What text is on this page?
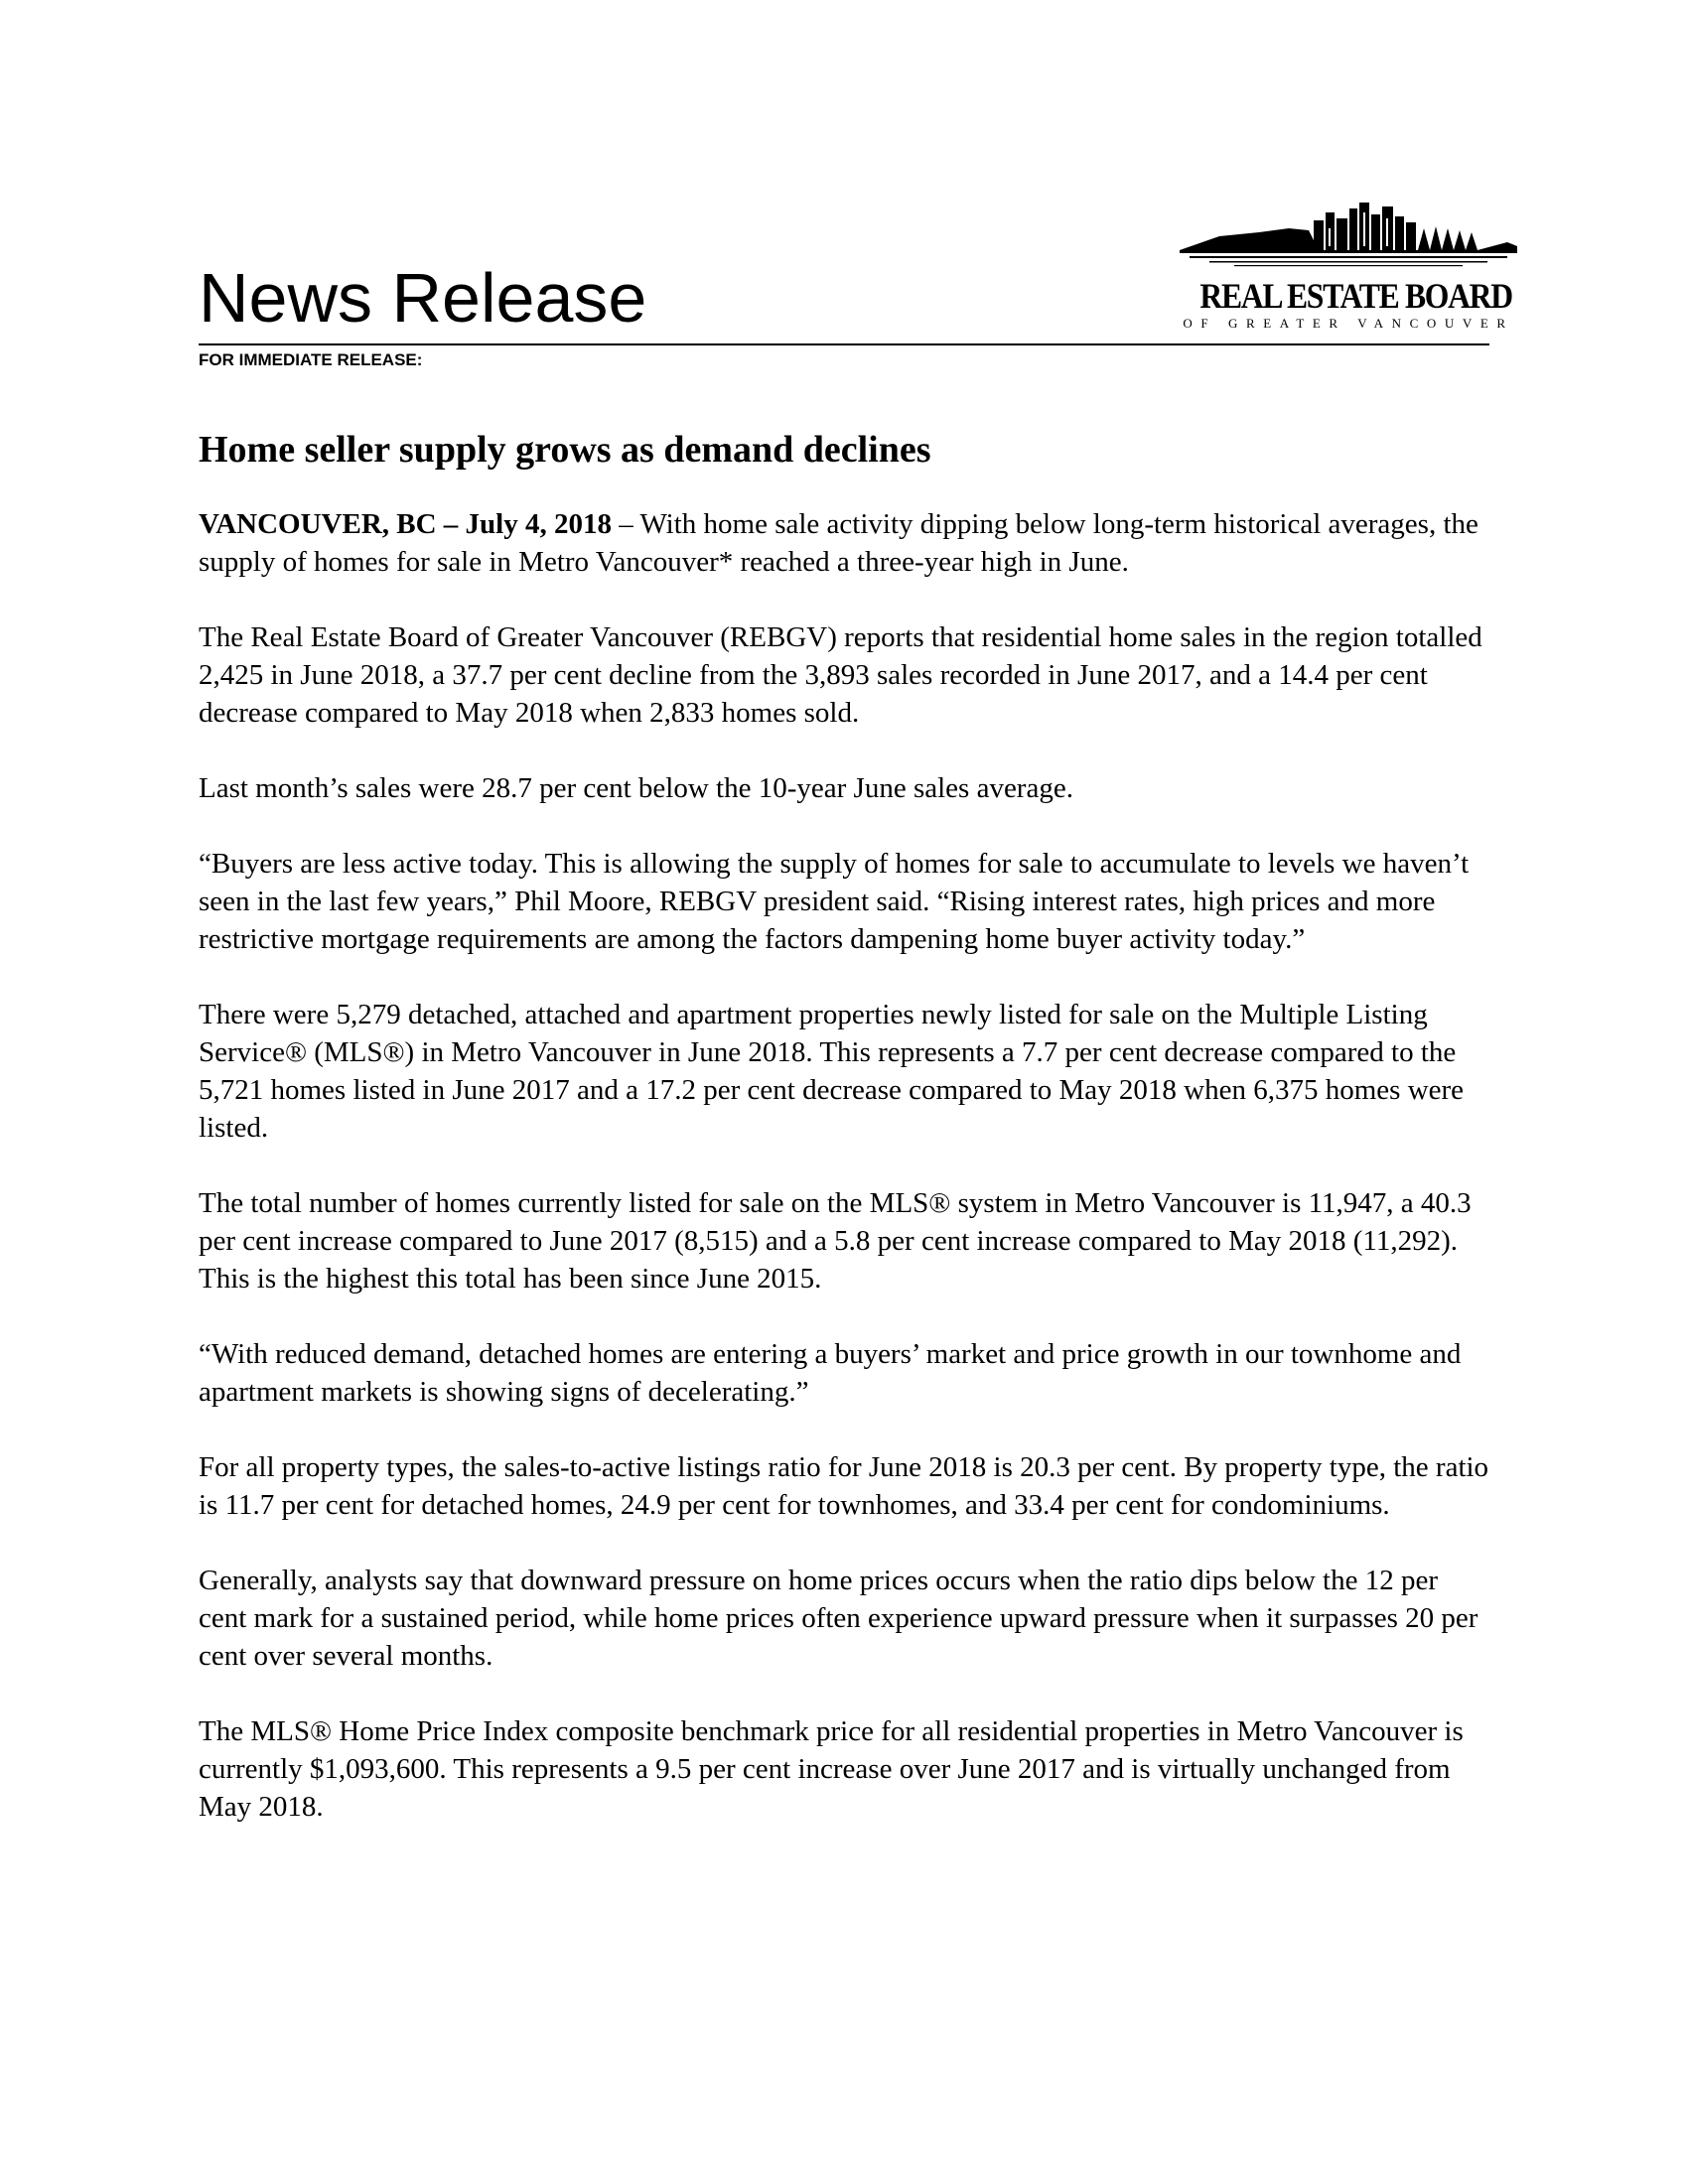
News Release	REAL ESTATE BOARD
OF GREATER VANCOUVER
FOR IMMEDIATE RELEASE:
Home seller supply grows as demand declines

VANCOUVER, BC – July 4, 2018 – With home sale activity dipping below long-term historical averages, the supply of homes for sale in Metro Vancouver* reached a three-year high in June.

The Real Estate Board of Greater Vancouver (REBGV) reports that residential home sales in the region totalled 2,425 in June 2018, a 37.7 per cent decline from the 3,893 sales recorded in June 2017, and a 14.4 per cent decrease compared to May 2018 when 2,833 homes sold.

Last month’s sales were 28.7 per cent below the 10-year June sales average.

“Buyers are less active today. This is allowing the supply of homes for sale to accumulate to levels we haven’t seen in the last few years,” Phil Moore, REBGV president said. “Rising interest rates, high prices and more restrictive mortgage requirements are among the factors dampening home buyer activity today.”

There were 5,279 detached, attached and apartment properties newly listed for sale on the Multiple Listing Service® (MLS®) in Metro Vancouver in June 2018. This represents a 7.7 per cent decrease compared to the 5,721 homes listed in June 2017 and a 17.2 per cent decrease compared to May 2018 when 6,375 homes were listed.

The total number of homes currently listed for sale on the MLS® system in Metro Vancouver is 11,947, a 40.3 per cent increase compared to June 2017 (8,515) and a 5.8 per cent increase compared to May 2018 (11,292). This is the highest this total has been since June 2015.

“With reduced demand, detached homes are entering a buyers’ market and price growth in our townhome and apartment markets is showing signs of decelerating.”

For all property types, the sales-to-active listings ratio for June 2018 is 20.3 per cent. By property type, the ratio is 11.7 per cent for detached homes, 24.9 per cent for townhomes, and 33.4 per cent for condominiums.

Generally, analysts say that downward pressure on home prices occurs when the ratio dips below the 12 per cent mark for a sustained period, while home prices often experience upward pressure when it surpasses 20 per cent over several months.

The MLS® Home Price Index composite benchmark price for all residential properties in Metro Vancouver is currently $1,093,600. This represents a 9.5 per cent increase over June 2017 and is virtually unchanged from May 2018.
